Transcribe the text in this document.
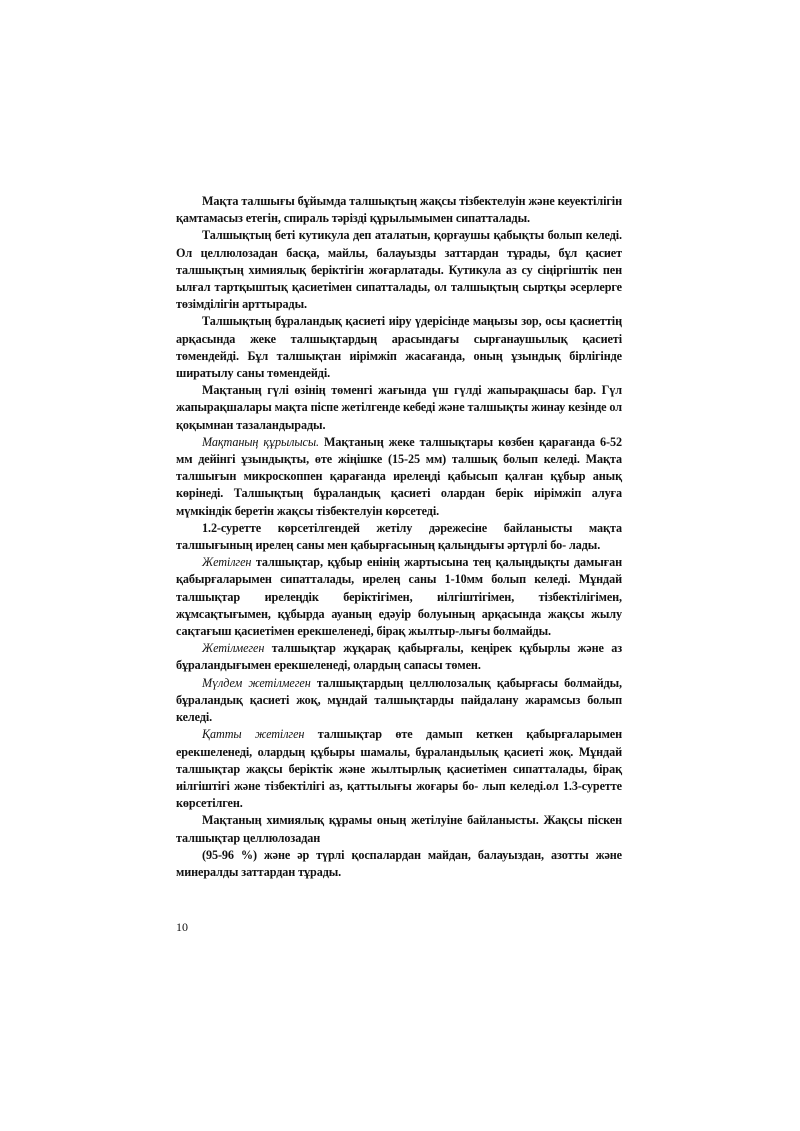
Мақта талшығы бұйымда талшықтың жақсы тізбектелуін және кеуектілігін қамтамасыз етегін, спираль тәрізді құрылымымен сипатталады.

Талшықтың беті кутикула деп аталатын, қорғаушы қабықты болып келеді. Ол целлюлозадан басқа, майлы, балауызды заттардан тұрады, бұл қасиет талшықтың химиялық беріктігін жоғарлатады. Кутикула аз су сіңіргіштік пен ылғал тартқыштық қасиетімен сипатталады, ол талшықтың сыртқы әсерлерге төзімділігін арттырады.

Талшықтың бұраландық қасиеті иіру үдерісінде маңызы зор, осы қасиеттің арқасында жеке талшықтардың арасындағы сырғанаушылық қасиеті төмендейді. Бұл талшықтан иірімжіп жасағанда, оның ұзындық бірлігінде ширатылу саны төмендейді.

Мақтаның гүлі өзінің төменгі жағында үш гүлді жапырақшасы бар. Гүл жапырақшалары мақта піспе жетілгенде кебеді және талшықты жинау кезінде ол қоқымнан тазаландырады.

Мақтаның құрылысы. Мақтаның жеке талшықтары көзбен қарағанда 6-52 мм дейінгі ұзындықты, өте жіңішке (15-25 мм) талшық болып келеді. Мақта талшығын микроскоппен қарағанда ирелеңді қабысып қалған құбыр анық көрінеді. Талшықтың бұраландық қасиеті олардан берік иірімжіп алуға мүмкіндік беретін жақсы тізбектелуін көрсетеді.

1.2-суретте көрсетілгендей жетілу дәрежесіне байланысты мақта талшығының ирелең саны мен қабырғасының қалыңдығы әртүрлі бо- лады.

Жетілген талшықтар, құбыр енінің жартысына тең қалыңдықты дамыған қабырғаларымен сипатталады, ирелең саны 1-10мм болып келеді. Мұндай талшықтар ирелеңдік беріктігімен, иілгіштігімен, тізбектілігімен, жұмсақтығымен, құбырда ауаның едәуір болуының арқасында жақсы жылу сақтағыш қасиетімен ерекшеленеді, бірақ жылтыр-лығы болмайды.

Жетілмеген талшықтар жұқарақ қабырғалы, кеңірек құбырлы және аз бұраландығымен ерекшеленеді, олардың сапасы төмен.

Мүлдем жетілмеген талшықтардың целлюлозалық қабырғасы болмайды, бұраландық қасиеті жоқ, мұндай талшықтарды пайдалану жарамсыз болып келеді.

Қатты жетілген талшықтар өте дамып кеткен қабырғаларымен ерекшеленеді, олардың құбыры шамалы, бұраландылық қасиеті жоқ. Мұндай талшықтар жақсы беріктік және жылтырлық қасиетімен сипатталады, бірақ иілгіштігі және тізбектілігі аз, қаттылығы жоғары бо- лып келеді.ол 1.3-суретте көрсетілген.

Мақтаның химиялық құрамы оның жетілуіне байланысты. Жақсы піскен талшықтар целлюлозадан

(95-96 %) және әр түрлі қоспалардан майдан, балауыздан, азотты және минералды заттардан тұрады.

10
